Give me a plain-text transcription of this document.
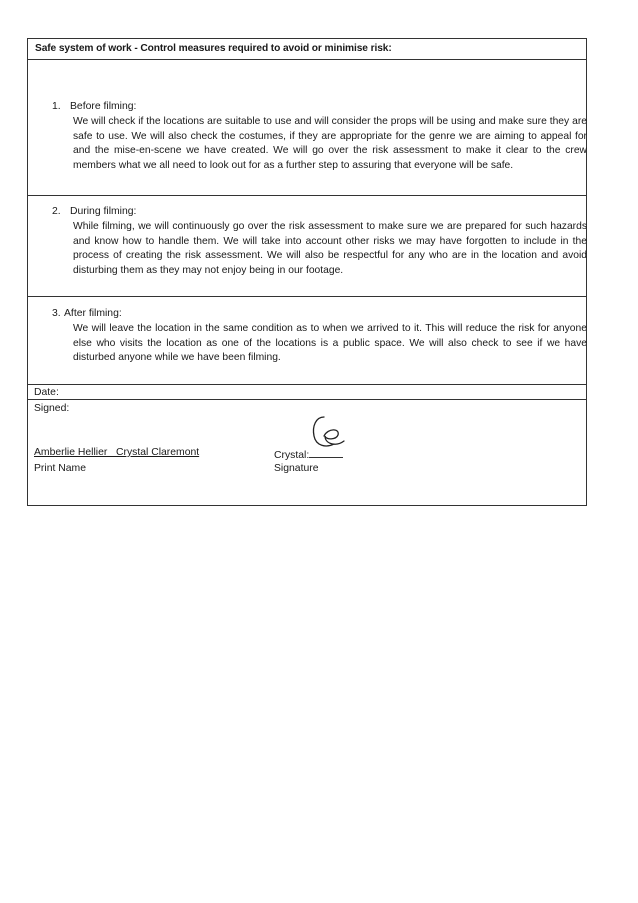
Safe system of work - Control measures required to avoid or minimise risk:
1. Before filming:
We will check if the locations are suitable to use and will consider the props will be using and make sure they are safe to use. We will also check the costumes, if they are appropriate for the genre we are aiming to appeal for and the mise-en-scene we have created. We will go over the risk assessment to make it clear to the crew members what we all need to look out for as a further step to assuring that everyone will be safe.
2. During filming:
While filming, we will continuously go over the risk assessment to make sure we are prepared for such hazards and know how to handle them. We will take into account other risks we may have forgotten to include in the process of creating the risk assessment. We will also be respectful for any who are in the location and avoid disturbing them as they may not enjoy being in our footage.
3. After filming:
We will leave the location in the same condition as to when we arrived to it. This will reduce the risk for anyone else who visits the location as one of the locations is a public space. We will also check to see if we have disturbed anyone while we have been filming.
Date:
Signed:
Amberlie Hellier   Crystal Claremont
Print Name
Crystal:
Signature
